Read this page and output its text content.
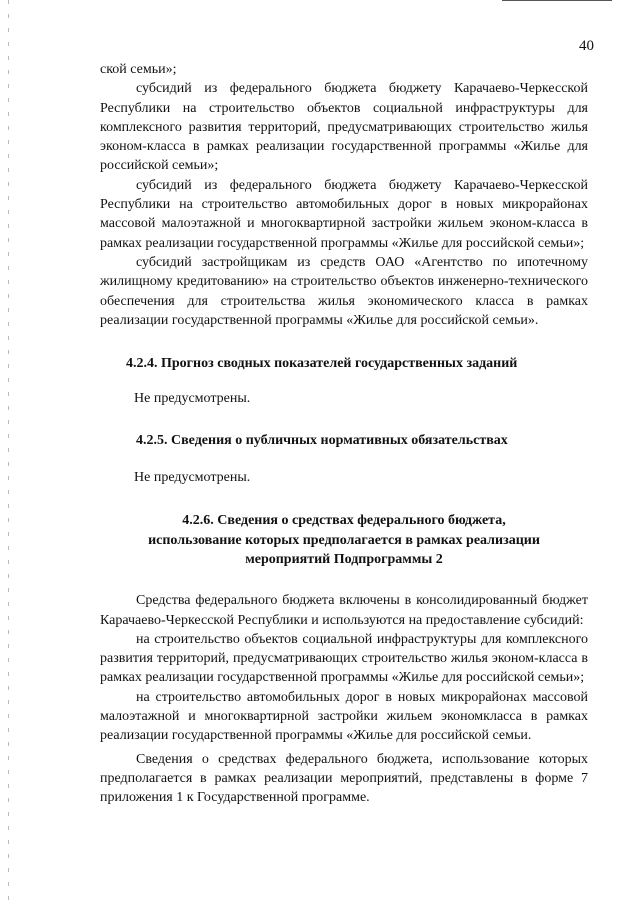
40

ской семьи»;

субсидий из федерального бюджета бюджету Карачаево-Черкесской Республики на строительство объектов социальной инфраструктуры для комплексного развития территорий, предусматривающих строительство жилья эконом-класса в рамках реализации государственной программы «Жилье для российской семьи»;

субсидий из федерального бюджета бюджету Карачаево-Черкесской Республики на строительство автомобильных дорог в новых микрорайонах массовой малоэтажной и многоквартирной застройки жильем эконом-класса в рамках реализации государственной программы «Жилье для российской семьи»;

субсидий застройщикам из средств ОАО «Агентство по ипотечному жилищному кредитованию» на строительство объектов инженерно-технического обеспечения для строительства жилья экономического класса в рамках реализации государственной программы «Жилье для российской семьи».

4.2.4. Прогноз сводных показателей государственных заданий

Не предусмотрены.

4.2.5. Сведения о публичных нормативных обязательствах

Не предусмотрены.

4.2.6. Сведения о средствах федерального бюджета,
использование которых предполагается в рамках реализации
мероприятий Подпрограммы 2

Средства федерального бюджета включены в консолидированный бюджет Карачаево-Черкесской Республики и используются на предоставление субсидий:

на строительство объектов социальной инфраструктуры для комплексного развития территорий, предусматривающих строительство жилья эконом-класса в рамках реализации государственной программы «Жилье для российской семьи»;

на строительство автомобильных дорог в новых микрорайонах массовой малоэтажной и многоквартирной застройки жильем экономкласса в рамках реализации государственной программы «Жилье для российской семьи.

Сведения о средствах федерального бюджета, использование которых предполагается в рамках реализации мероприятий, представлены в форме 7 приложения 1 к Государственной программе.
